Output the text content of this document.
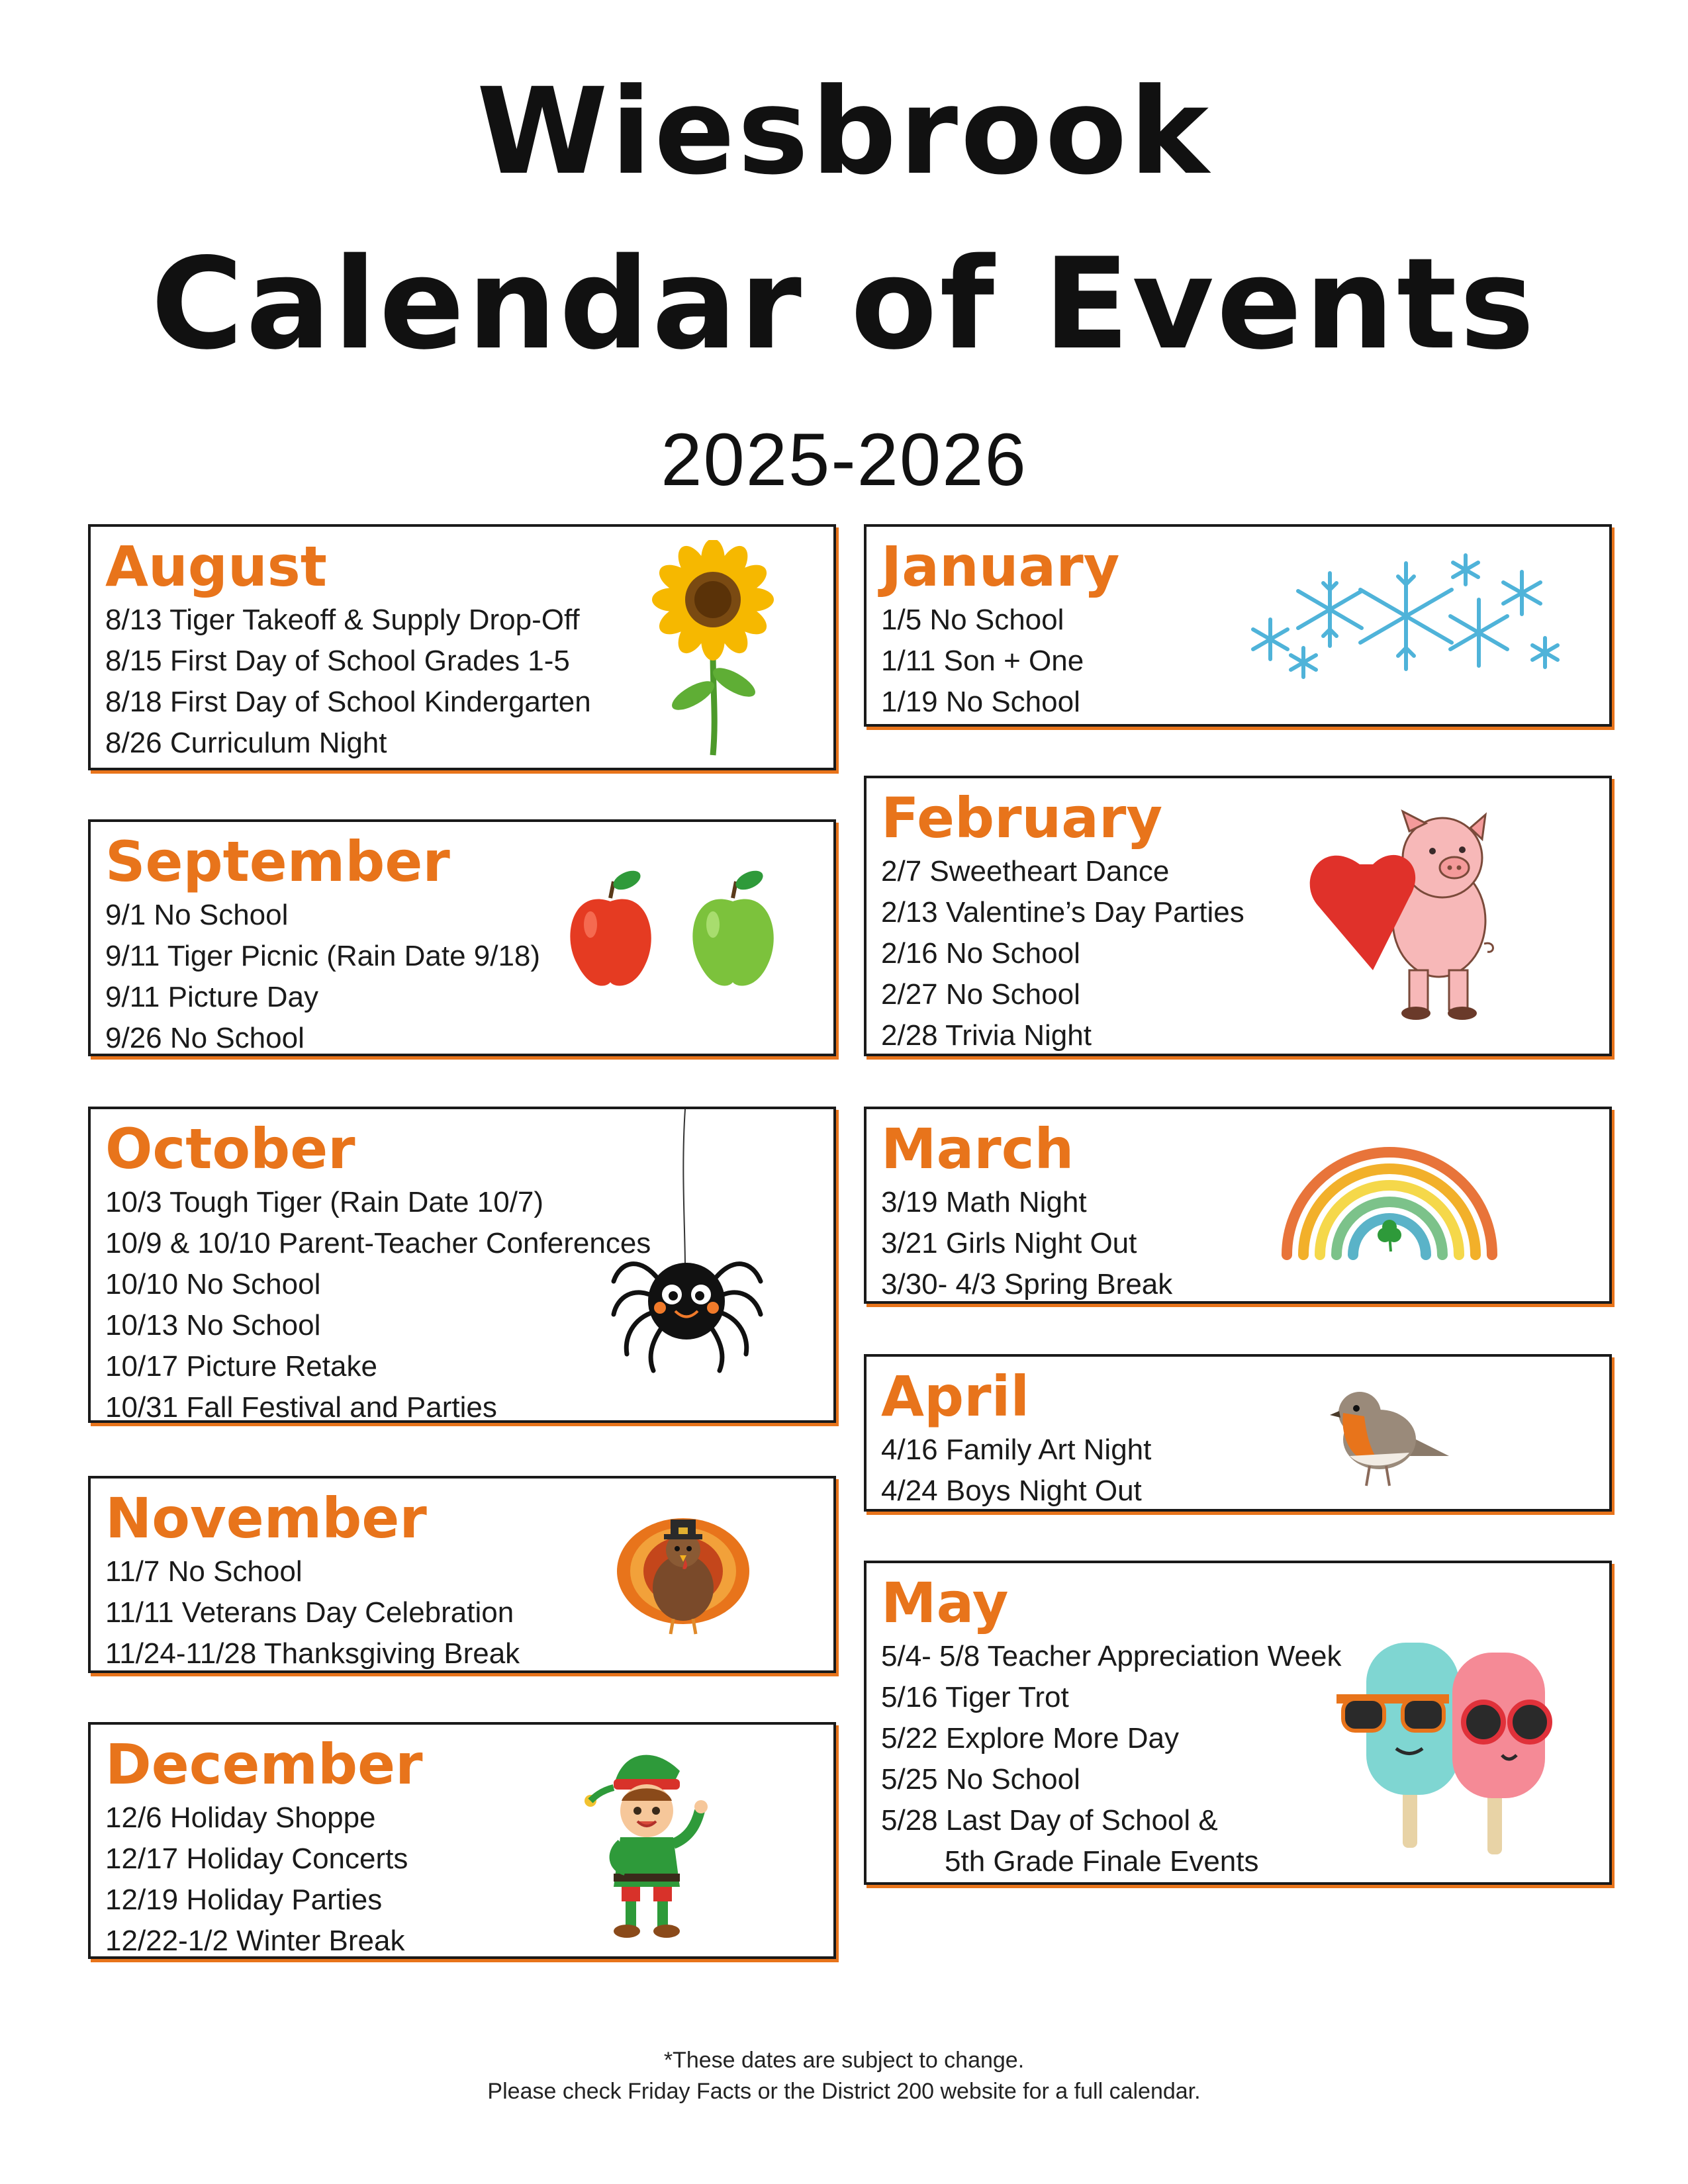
Wiesbrook
Calendar of Events
2025-2026
August
8/13 Tiger Takeoff & Supply Drop-Off
8/15 First Day of School Grades 1-5
8/18 First Day of School Kindergarten
8/26 Curriculum Night
September
9/1 No School
9/11 Tiger Picnic (Rain Date 9/18)
9/11 Picture Day
9/26 No School
October
10/3 Tough Tiger (Rain Date 10/7)
10/9 & 10/10 Parent-Teacher Conferences
10/10 No School
10/13 No School
10/17 Picture Retake
10/31 Fall Festival and Parties
November
11/7 No School
11/11 Veterans Day Celebration
11/24-11/28 Thanksgiving Break
December
12/6 Holiday Shoppe
12/17 Holiday Concerts
12/19 Holiday Parties
12/22-1/2 Winter Break
January
1/5 No School
1/11 Son + One
1/19 No School
February
2/7 Sweetheart Dance
2/13 Valentine’s Day Parties
2/16 No School
2/27 No School
2/28 Trivia Night
March
3/19 Math Night
3/21 Girls Night Out
3/30- 4/3 Spring Break
April
4/16 Family Art Night
4/24 Boys Night Out
May
5/4- 5/8 Teacher Appreciation Week
5/16 Tiger Trot
5/22 Explore More Day
5/25 No School
5/28 Last Day of School &
5th Grade Finale Events
*These dates are subject to change.
Please check Friday Facts or the District 200 website for a full calendar.
